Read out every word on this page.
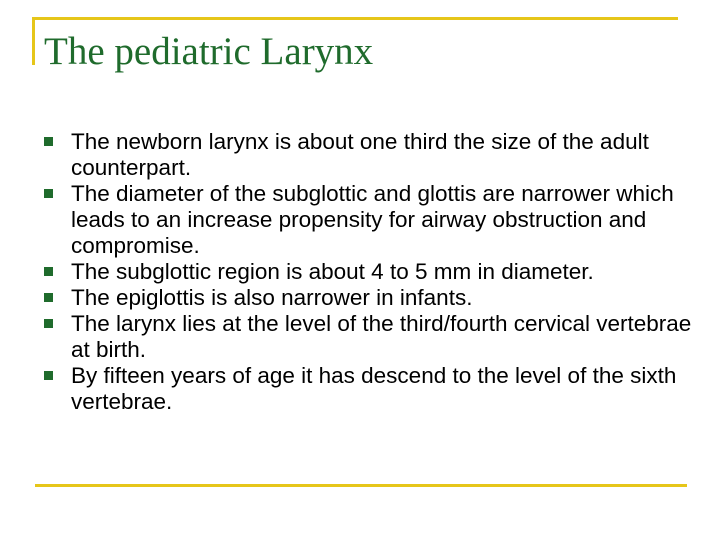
The pediatric Larynx
The newborn larynx is about one third the size of the adult counterpart.
The diameter of the subglottic and glottis are narrower which leads to an increase propensity for airway obstruction and compromise.
The subglottic region is about 4 to 5 mm in diameter.
The epiglottis is also narrower in infants.
The larynx lies at the level of the third/fourth cervical vertebrae at birth.
By fifteen years of age it has descend to the level of the sixth vertebrae.
